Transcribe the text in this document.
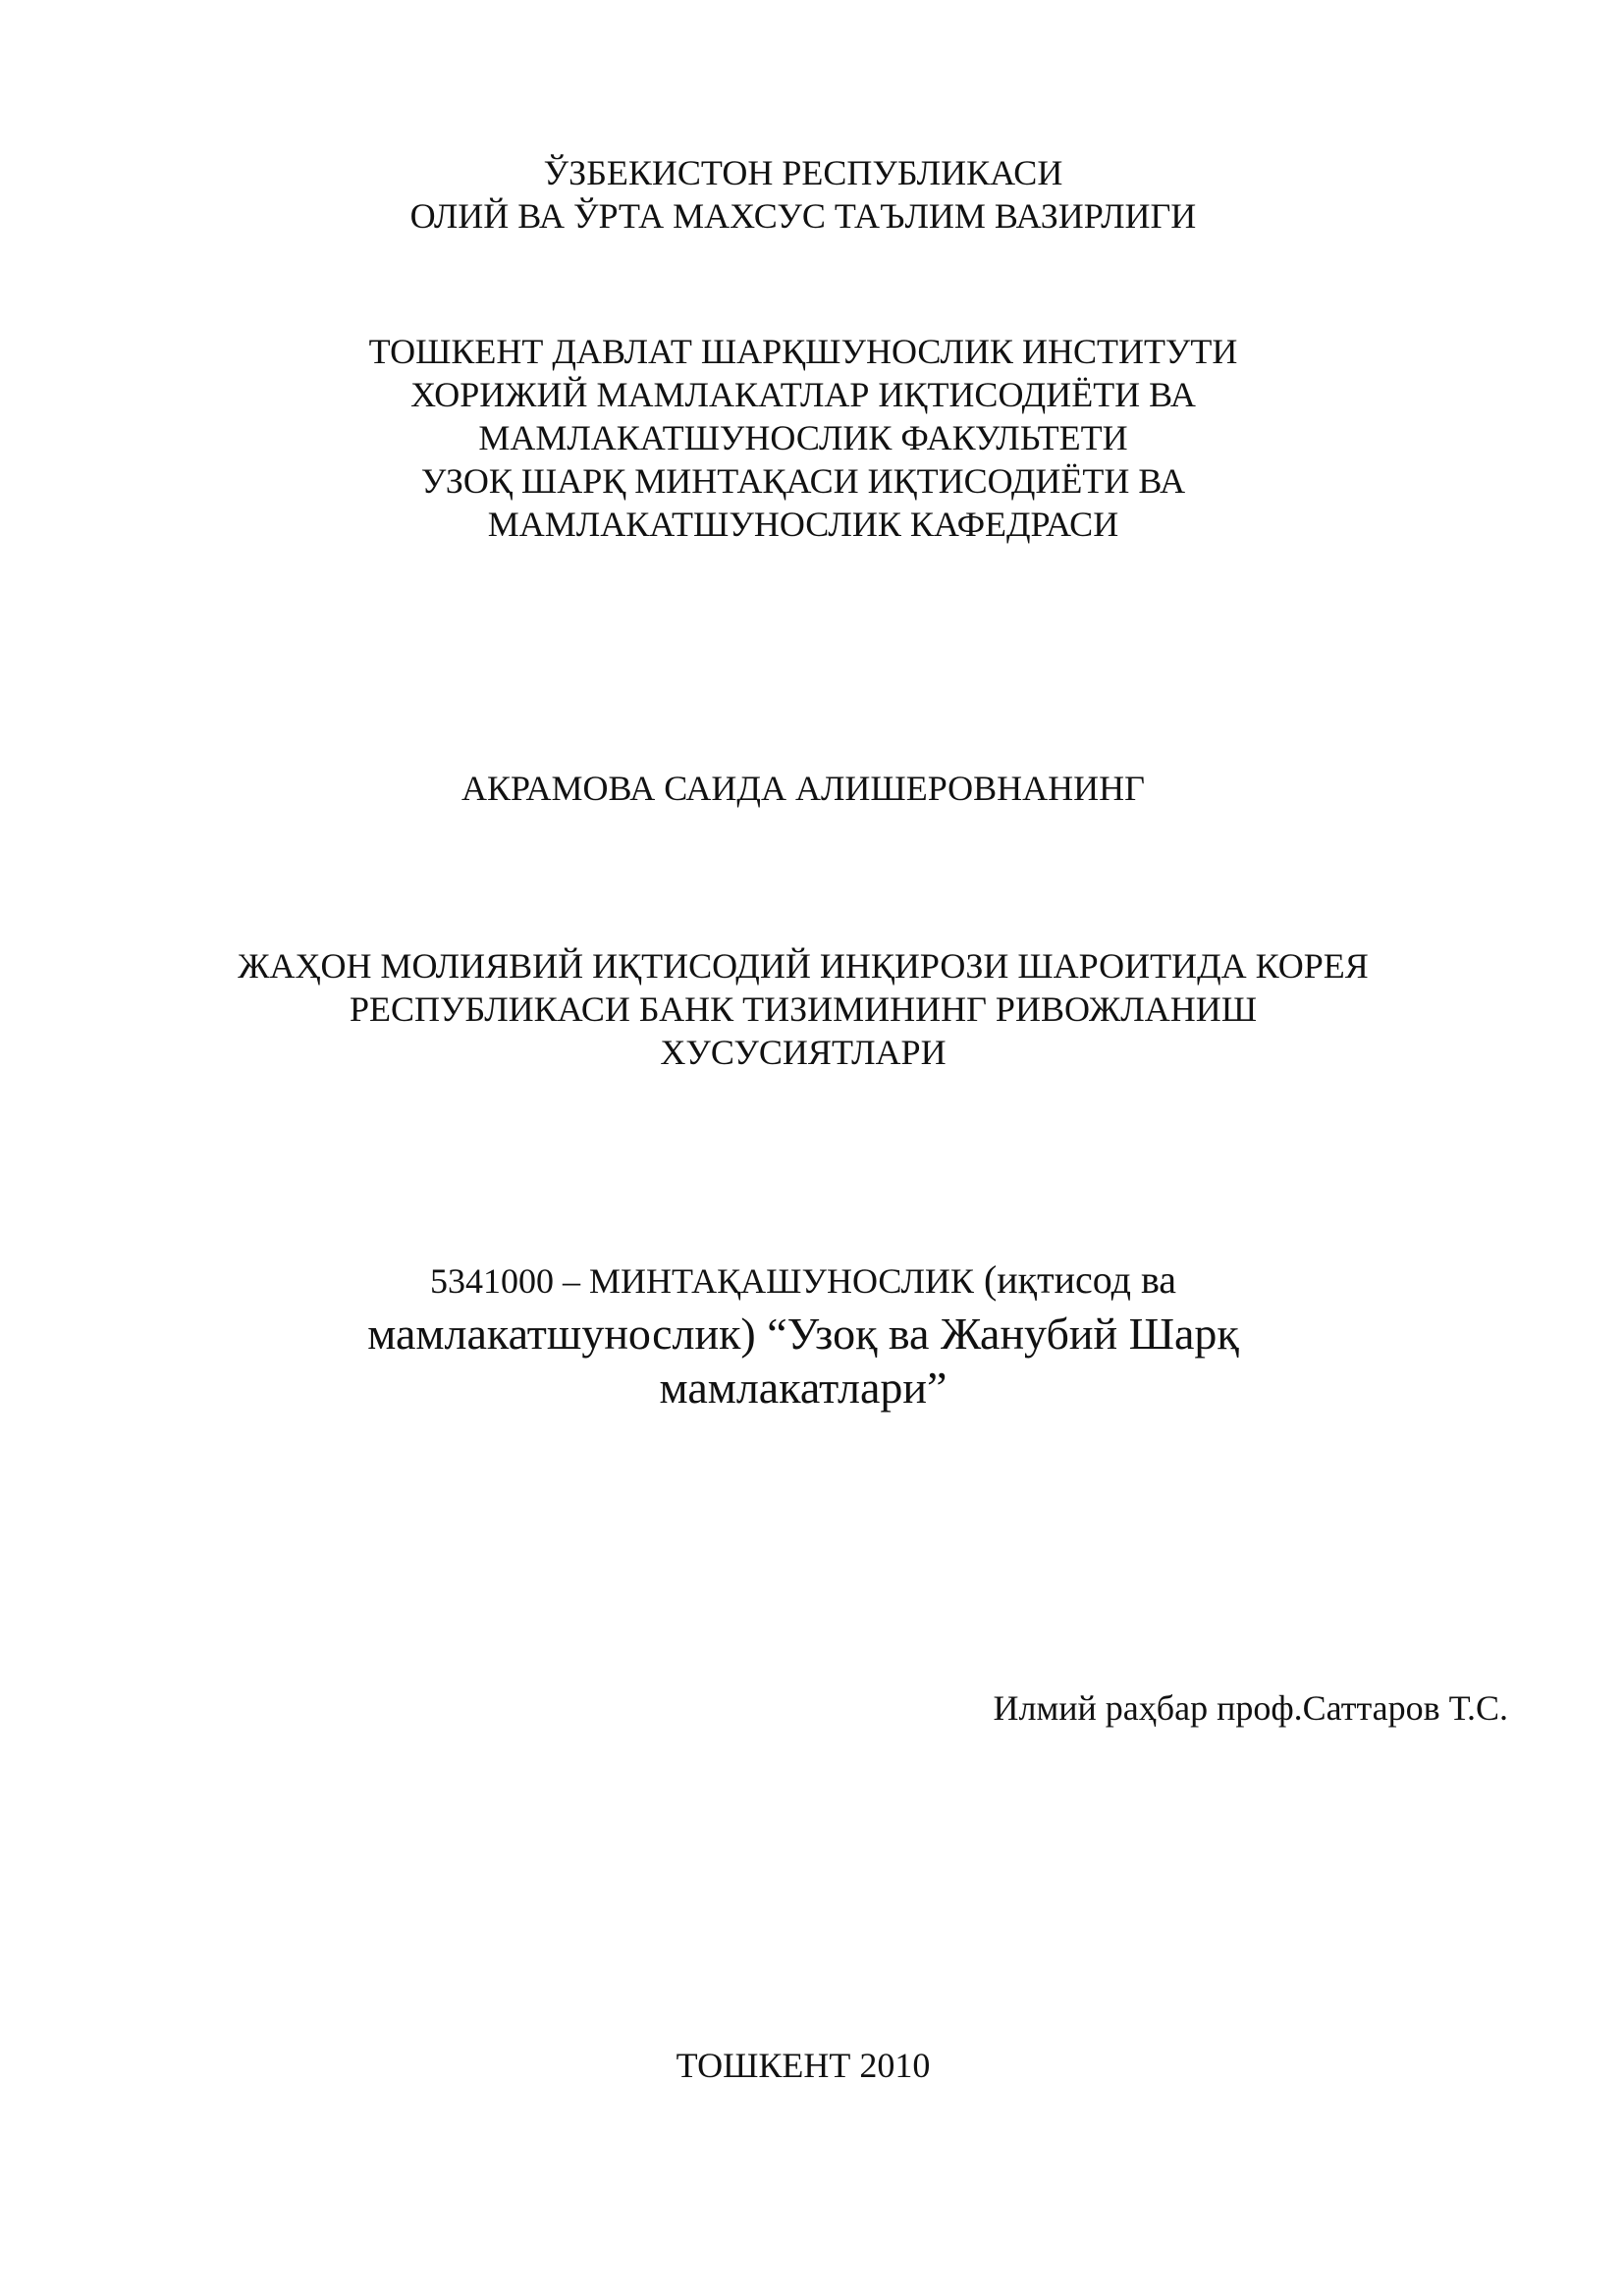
ЎЗБЕКИСТОН РЕСПУБЛИКАСИ
ОЛИЙ ВА ЎРТА МАХСУС ТАЪЛИМ ВАЗИРЛИГИ
ТОШКЕНТ ДАВЛАТ ШАРҚШУНОСЛИК ИНСТИТУТИ
ХОРИЖИЙ МАМЛАКАТЛАР ИҚТИСОДИЁТИ ВА
МАМЛАКАТШУНОСЛИК ФАКУЛЬТЕТИ
УЗОҚ ШАРҚ МИНТАҚАСИ ИҚТИСОДИЁТИ ВА
МАМЛАКАТШУНОСЛИК КАФЕДРАСИ
АКРАМОВА САИДА АЛИШЕРОВНАНИНГ
ЖАҲОН МОЛИЯВИЙ ИҚТИСОДИЙ ИНҚИРОЗИ ШАРОИТИДА КОРЕЯ
РЕСПУБЛИКАСИ БАНК ТИЗИМИНИНГ РИВОЖЛАНИШ
ХУСУСИЯТЛАРИ
5341000 – МИНТАҚАШУНОСЛИК (иқтисод ва
мамлакатшунослик) “Узоқ ва Жанубий Шарқ
мамлакатлари”
Илмий раҳбар проф.Саттаров Т.С.
ТОШКЕНТ 2010
